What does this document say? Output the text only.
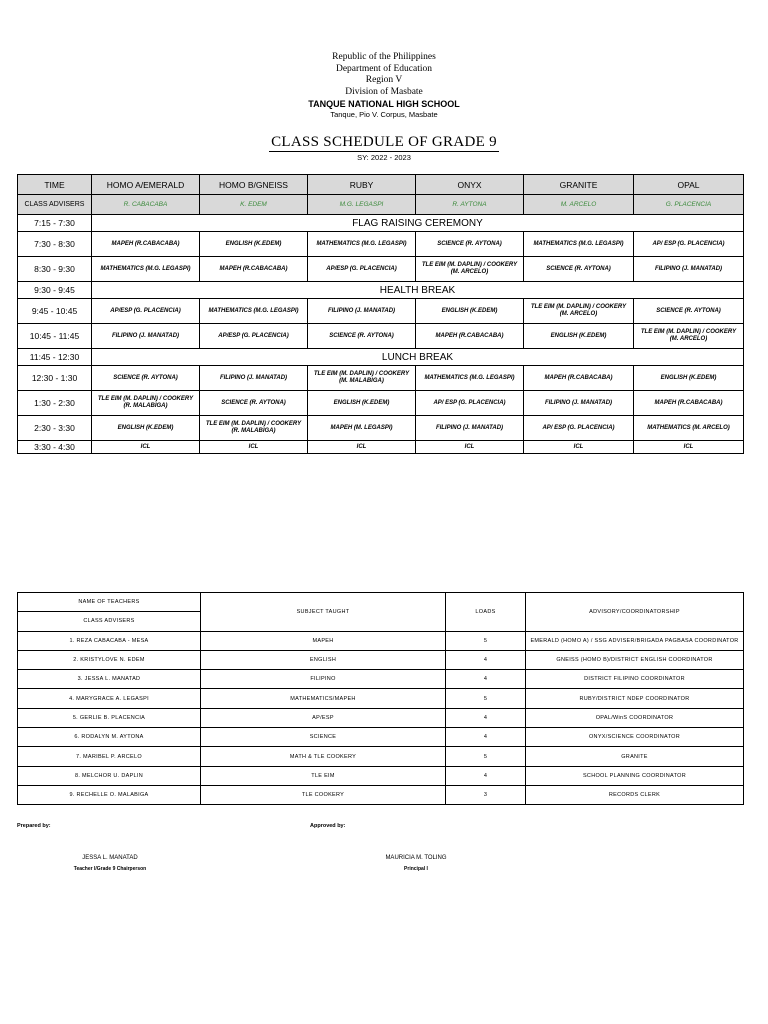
Republic of the Philippines
Department of Education
Region V
Division of Masbate
TANQUE NATIONAL HIGH SCHOOL
Tanque, Pio V. Corpus, Masbate
CLASS SCHEDULE OF GRADE 9
SY: 2022 - 2023
TIME	HOMO A/EMERALD	HOMO B/GNEISS	RUBY	ONYX	GRANITE	OPAL
CLASS ADVISERS	R. CABACABA	K. EDEM	M.G. LEGASPI	R. AYTONA	M. ARCELO	G. PLACENCIA
7:15 - 7:30	FLAG RAISING CEREMONY					
7:30 - 8:30	MAPEH (R.CABACABA)	ENGLISH (K.EDEM)	MATHEMATICS (M.G. LEGASPI)	SCIENCE (R. AYTONA)	MATHEMATICS (M.G. LEGASPI)	AP/ ESP (G. PLACENCIA)
8:30 - 9:30	MATHEMATICS (M.G. LEGASPI)	MAPEH (R.CABACABA)	AP/ESP (G. PLACENCIA)	TLE EIM (M. DAPLIN) / COOKERY (M. ARCELO)	SCIENCE (R. AYTONA)	FILIPINO (J. MANATAD)
9:30 - 9:45	HEALTH BREAK					
9:45 - 10:45	AP/ESP (G. PLACENCIA)	MATHEMATICS (M.G. LEGASPI)	FILIPINO (J. MANATAD)	ENGLISH (K.EDEM)	TLE EIM (M. DAPLIN) / COOKERY (M. ARCELO)	SCIENCE (R. AYTONA)
10:45 - 11:45	FILIPINO (J. MANATAD)	AP/ESP (G. PLACENCIA)	SCIENCE (R. AYTONA)	MAPEH (R.CABACABA)	ENGLISH (K.EDEM)	TLE EIM (M. DAPLIN) / COOKERY (M. ARCELO)
11:45 - 12:30	LUNCH BREAK					
12:30 - 1:30	SCIENCE (R. AYTONA)	FILIPINO (J. MANATAD)	TLE EIM (M. DAPLIN) / COOKERY (M. MALABIGA)	MATHEMATICS (M.G. LEGASPI)	MAPEH (R.CABACABA)	ENGLISH (K.EDEM)
1:30 - 2:30	TLE EIM (M. DAPLIN) / COOKERY (R. MALABIGA)	SCIENCE (R. AYTONA)	ENGLISH (K.EDEM)	AP/ ESP (G. PLACENCIA)	FILIPINO (J. MANATAD)	MAPEH (R.CABACABA)
2:30 - 3:30	ENGLISH (K.EDEM)	TLE EIM (M. DAPLIN) / COOKERY (R. MALABIGA)	MAPEH (M. LEGASPI)	FILIPINO (J. MANATAD)	AP/ ESP (G. PLACENCIA)	MATHEMATICS (M. ARCELO)
3:30 - 4:30	ICL	ICL	ICL	ICL	ICL	ICL
NAME OF TEACHERS	SUBJECT TAUGHT	LOADS	ADVISORY/COORDINATORSHIP
CLASS ADVISERS			
1. REZA CABACABA - MESA	MAPEH	5	EMERALD (HOMO A) / SSG ADVISER/BRIGADA PAGBASA COORDINATOR
2. KRISTYLOVE N. EDEM	ENGLISH	4	GNEISS (HOMO B)/DISTRICT ENGLISH COORDINATOR
3. JESSA L. MANATAD	FILIPINO	4	DISTRICT FILIPINO COORDINATOR
4. MARYGRACE A. LEGASPI	MATHEMATICS/MAPEH	5	RUBY/DISTRICT NDEP COORDINATOR
5. GERLIE B. PLACENCIA	AP/ESP	4	OPAL/WinS COORDINATOR
6. RODALYN M. AYTONA	SCIENCE	4	ONYX/SCIENCE COORDINATOR
7. MARIBEL P. ARCELO	MATH & TLE COOKERY	5	GRANITE
8. MELCHOR U. DAPLIN	TLE EIM	4	SCHOOL PLANNING COORDINATOR
9. RECHELLE O. MALABIGA	TLE COOKERY	3	RECORDS CLERK
Prepared by:	Approved by:
JESSA L. MANATAD
Teacher I/Grade 9 Chairperson
MAURICIA M. TOLING
Principal I
